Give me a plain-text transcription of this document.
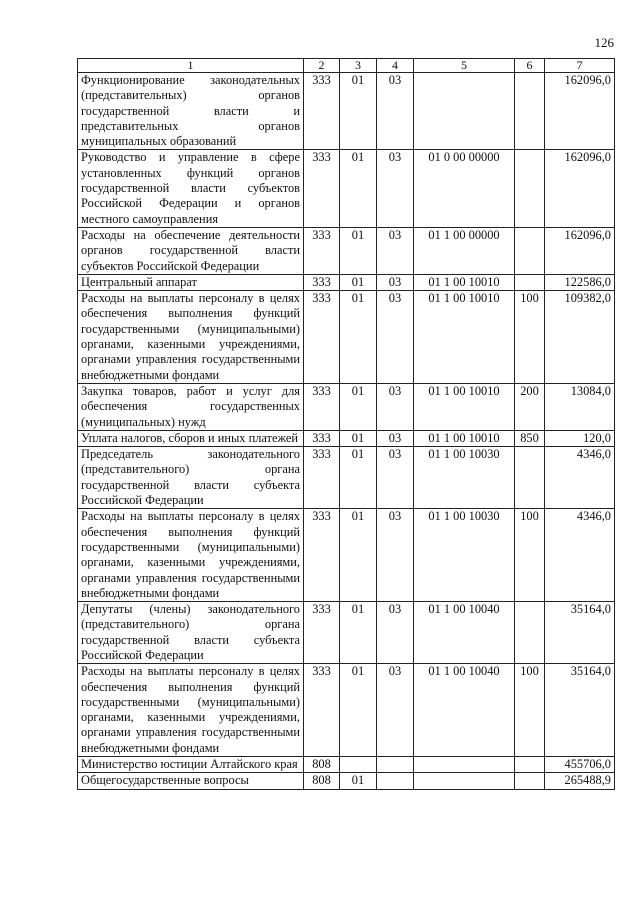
126
1	2	3	4	5	6	7
Функционирование законодательных (представительных) органов государственной власти и представительных органов муниципальных образований	333	01	03			162096,0
Руководство и управление в сфере установленных функций органов государственной власти субъектов Российской Федерации и органов местного самоуправления	333	01	03	01 0 00 00000		162096,0
Расходы на обеспечение деятельности органов государственной власти субъектов Российской Федерации	333	01	03	01 1 00 00000		162096,0
Центральный аппарат	333	01	03	01 1 00 10010		122586,0
Расходы на выплаты персоналу в целях обеспечения выполнения функций государственными (муниципальными) органами, казенными учреждениями, органами управления государственными внебюджетными фондами	333	01	03	01 1 00 10010	100	109382,0
Закупка товаров, работ и услуг для обеспечения государственных (муниципальных) нужд	333	01	03	01 1 00 10010	200	13084,0
Уплата налогов, сборов и иных платежей	333	01	03	01 1 00 10010	850	120,0
Председатель законодательного (представительного) органа государственной власти субъекта Российской Федерации	333	01	03	01 1 00 10030		4346,0
Расходы на выплаты персоналу в целях обеспечения выполнения функций государственными (муниципальными) органами, казенными учреждениями, органами управления государственными внебюджетными фондами	333	01	03	01 1 00 10030	100	4346,0
Депутаты (члены) законодательного (представительного) органа государственной власти субъекта Российской Федерации	333	01	03	01 1 00 10040		35164,0
Расходы на выплаты персоналу в целях обеспечения выполнения функций государственными (муниципальными) органами, казенными учреждениями, органами управления государственными внебюджетными фондами	333	01	03	01 1 00 10040	100	35164,0
Министерство юстиции Алтайского края	808					455706,0
Общегосударственные вопросы	808	01				265488,9
